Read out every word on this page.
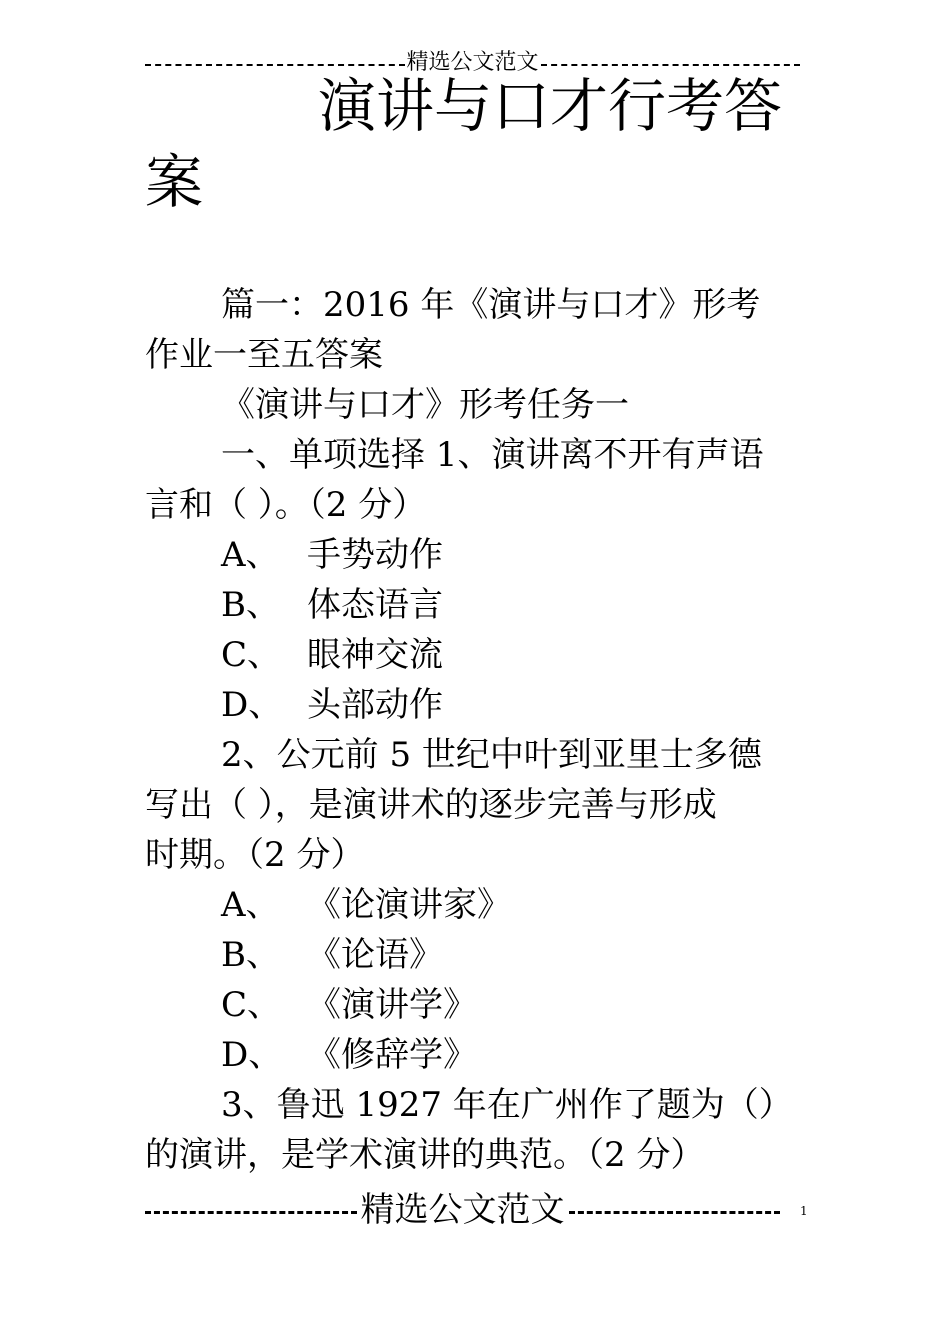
精选公文范文
演讲与口才行考答
案
篇一：2016 年《演讲与口才》形考
作业一至五答案
《演讲与口才》形考任务一
一、单项选择 1、演讲离不开有声语
言和（ ）。（2 分）
A、 手势动作
B、 体态语言
C、 眼神交流
D、 头部动作
2、公元前 5 世纪中叶到亚里士多德
写出（ ），是演讲术的逐步完善与形成
时期。（2 分）
A、 《论演讲家》
B、 《论语》
C、 《演讲学》
D、 《修辞学》
3、鲁迅 1927 年在广州作了题为（）
的演讲，是学术演讲的典范。（2 分）
精选公文范文	1
